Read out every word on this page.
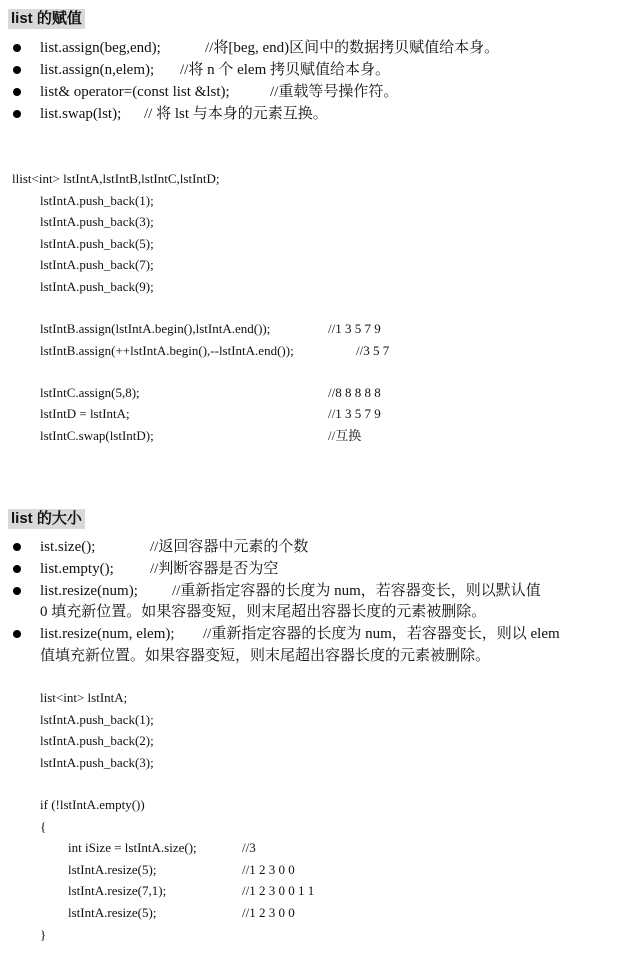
list 的赋值
list.assign(beg,end);	//将[beg, end)区间中的数据拷贝赋值给本身。
list.assign(n,elem); //将 n 个 elem 拷贝赋值给本身。
list& operator=(const list &lst);	//重载等号操作符。
list.swap(lst); // 将 lst 与本身的元素互换。
llist<int> lstIntA,lstIntB,lstIntC,lstIntD;
lstIntA.push_back(1);
lstIntA.push_back(3);
lstIntA.push_back(5);
lstIntA.push_back(7);
lstIntA.push_back(9);
lstIntB.assign(lstIntA.begin(),lstIntA.end());	//1 3 5 7 9
lstIntB.assign(++lstIntA.begin(),--lstIntA.end());	//3 5 7
lstIntC.assign(5,8);	//8 8 8 8 8
lstIntD = lstIntA;	//1 3 5 7 9
lstIntC.swap(lstIntD);	//互换
list 的大小
ist.size();	//返回容器中元素的个数
list.empty(); //判断容器是否为空
list.resize(num); //重新指定容器的长度为 num，若容器变长，则以默认值
0 填充新位置。如果容器变短，则末尾超出容器长度的元素被删除。
list.resize(num, elem); //重新指定容器的长度为 num，若容器变长，则以 elem
值填充新位置。如果容器变短，则末尾超出容器长度的元素被删除。
list<int> lstIntA;
lstIntA.push_back(1);
lstIntA.push_back(2);
lstIntA.push_back(3);
if (!lstIntA.empty())
{
int iSize = lstIntA.size();	//3
lstIntA.resize(5);	//1 2 3 0 0
lstIntA.resize(7,1);	//1 2 3 0 0 1 1
lstIntA.resize(5);	//1 2 3 0 0
}
